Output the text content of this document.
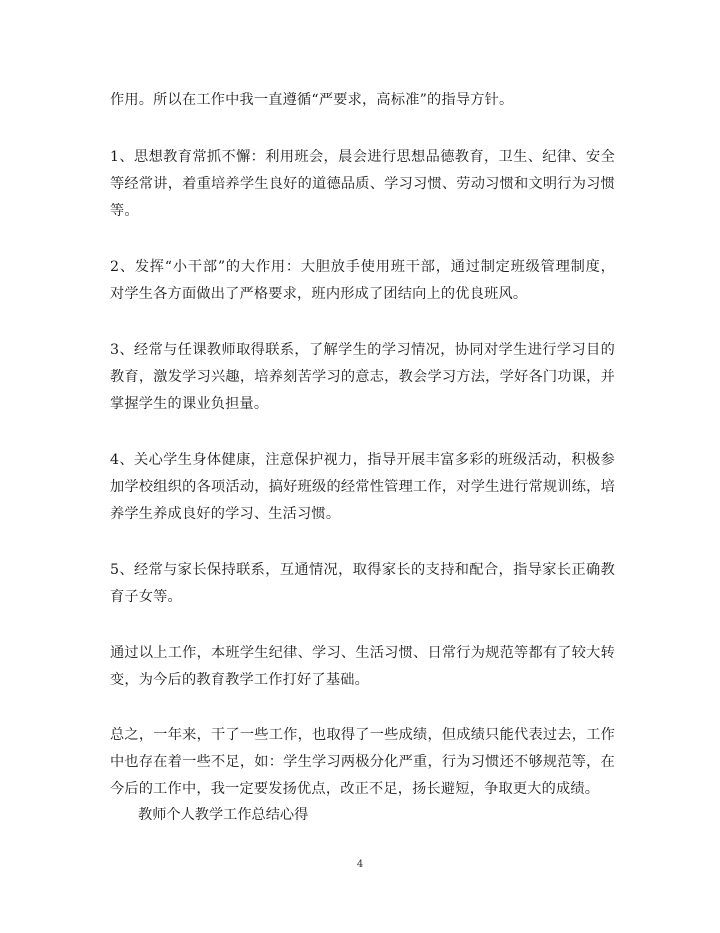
作用。所以在工作中我一直遵循“严要求，高标准”的指导方针。

1、思想教育常抓不懈：利用班会，晨会进行思想品德教育，卫生、纪律、安全
等经常讲，着重培养学生良好的道德品质、学习习惯、劳动习惯和文明行为习惯
等。

2、发挥“小干部”的大作用：大胆放手使用班干部，通过制定班级管理制度，
对学生各方面做出了严格要求，班内形成了团结向上的优良班风。

3、经常与任课教师取得联系，了解学生的学习情况，协同对学生进行学习目的
教育，激发学习兴趣，培养刻苦学习的意志，教会学习方法，学好各门功课，并
掌握学生的课业负担量。

4、关心学生身体健康，注意保护视力，指导开展丰富多彩的班级活动，积极参
加学校组织的各项活动，搞好班级的经常性管理工作，对学生进行常规训练，培
养学生养成良好的学习、生活习惯。

5、经常与家长保持联系，互通情况，取得家长的支持和配合，指导家长正确教
育子女等。

通过以上工作，本班学生纪律、学习、生活习惯、日常行为规范等都有了较大转
变，为今后的教育教学工作打好了基础。

总之，一年来，干了一些工作，也取得了一些成绩，但成绩只能代表过去，工作
中也存在着一些不足，如：学生学习两极分化严重，行为习惯还不够规范等，在
今后的工作中，我一定要发扬优点，改正不足，扬长避短，争取更大的成绩。

教师个人教学工作总结心得

4
